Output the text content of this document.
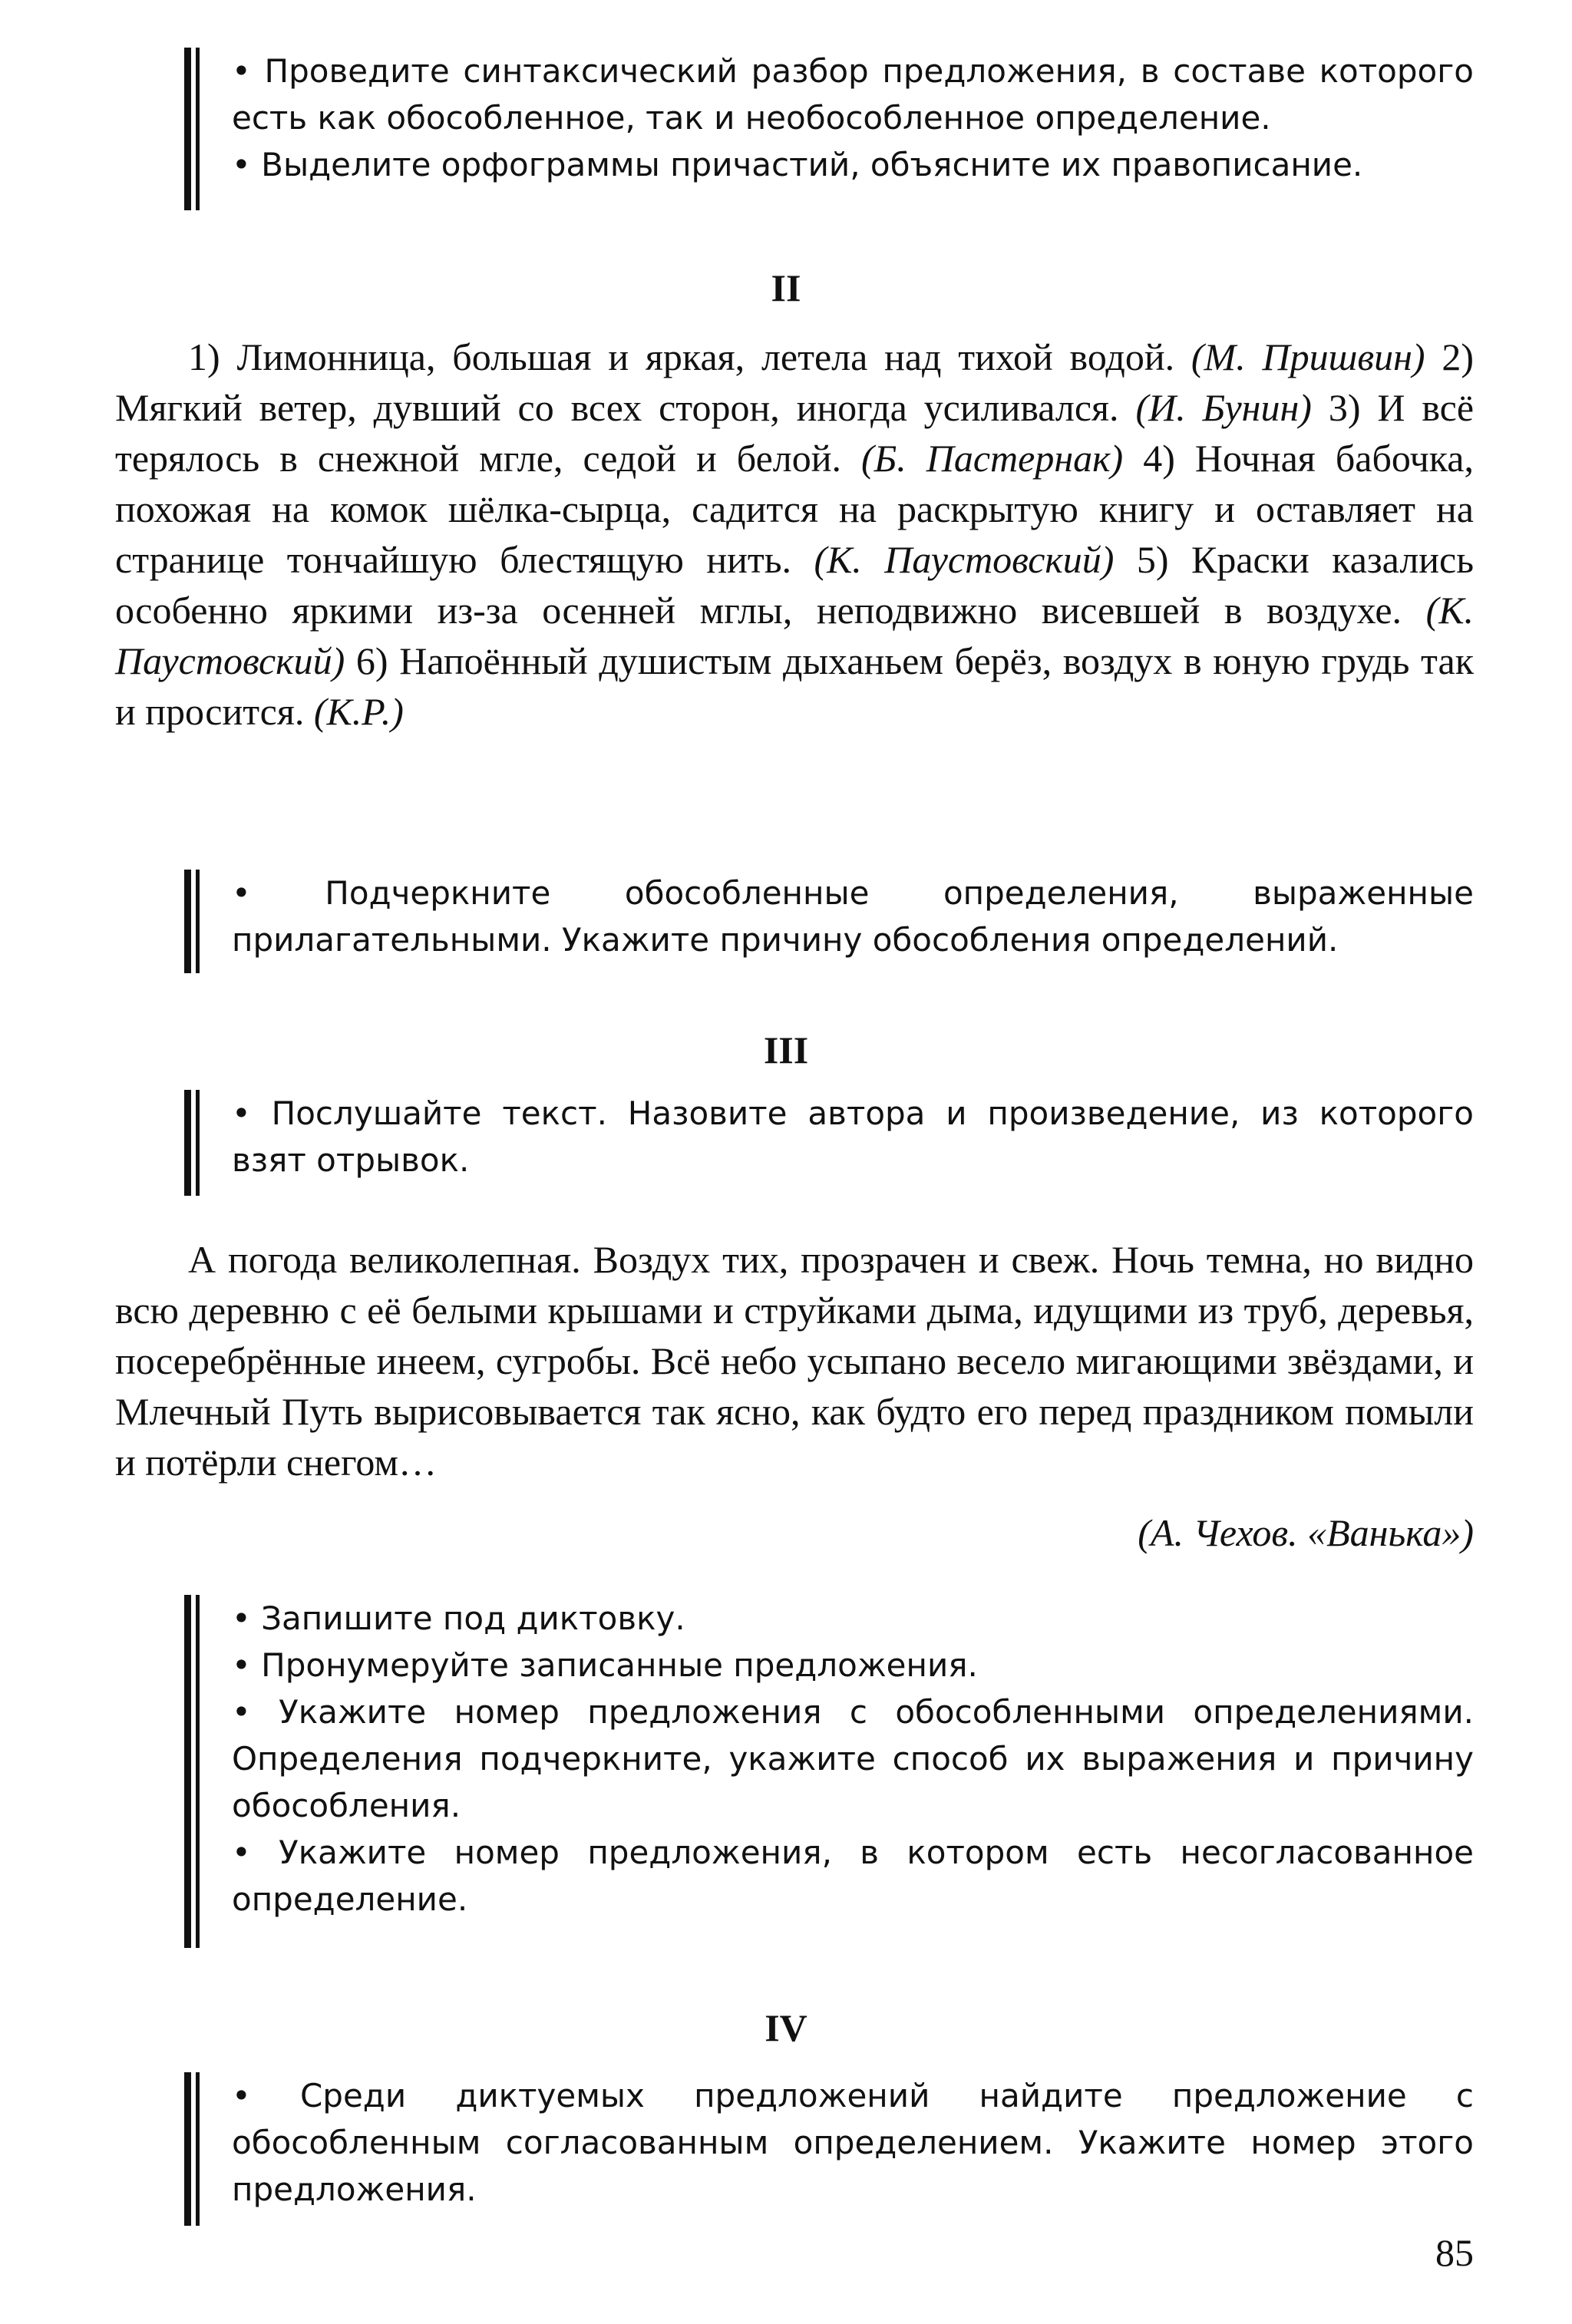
• Проведите синтаксический разбор предложения, в составе которого есть как обособленное, так и необособленное определение.

• Выделите орфограммы причастий, объясните их правописание.

II

1) Лимонница, большая и яркая, летела над тихой водой. (М. Пришвин) 2) Мягкий ветер, дувший со всех сторон, иногда усиливался. (И. Бунин) 3) И всё терялось в снежной мгле, седой и белой. (Б. Пастернак) 4) Ночная бабочка, похожая на комок шёлка-сырца, садится на раскрытую книгу и оставляет на странице тончайшую блестящую нить. (К. Паустовский) 5) Краски казались особенно яркими из-за осенней мглы, неподвижно висевшей в воздухе. (К. Паустовский) 6) Напоённый душистым дыханьем берёз, воздух в юную грудь так и просится. (К.Р.)

• Подчеркните обособленные определения, выраженные прилагательными. Укажите причину обособления определений.

III

• Послушайте текст. Назовите автора и произведение, из которого взят отрывок.

А погода великолепная. Воздух тих, прозрачен и свеж. Ночь темна, но видно всю деревню с её белыми крышами и струйками дыма, идущими из труб, деревья, посеребрённые инеем, сугробы. Всё небо усыпано весело мигающими звёздами, и Млечный Путь вырисовывается так ясно, как будто его перед праздником помыли и потёрли снегом…

(А. Чехов. «Ванька»)

• Запишите под диктовку.

• Пронумеруйте записанные предложения.

• Укажите номер предложения с обособленными определениями. Определения подчеркните, укажите способ их выражения и причину обособления.

• Укажите номер предложения, в котором есть несогласованное определение.

IV

• Среди диктуемых предложений найдите предложение с обособленным согласованным определением. Укажите номер этого предложения.

85
